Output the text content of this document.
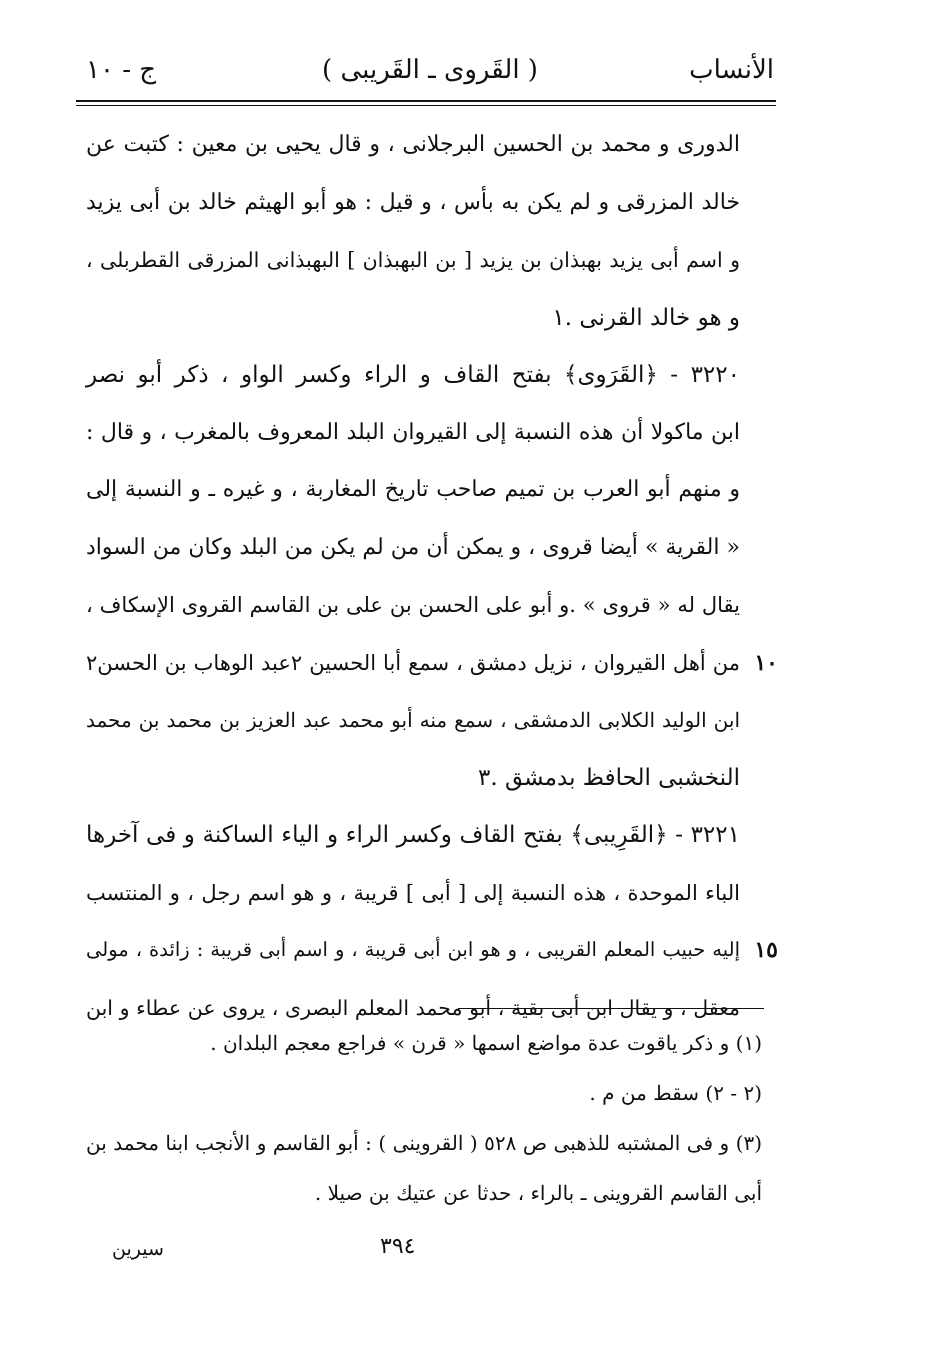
الأنساب
( القَروى ـ القَريبى )
ج - ١٠
الدورى و محمد بن الحسين البرجلانى ، و قال يحيى بن معين : كتبت عن
خالد المزرقى و لم يكن به بأس ، و قيل : هو أبو الهيثم خالد بن أبى يزيد
و اسم أبى يزيد بهبذان بن يزيد [ بن البهبذان ] البهبذانى المزرقى القطربلى ،
و هو خالد القرنى .١
٣٢٢٠ - ﴿القَرَوى﴾ بفتح القاف و الراء وكسر الواو ، ذكر أبو نصر
ابن ماكولا أن هذه النسبة إلى القيروان البلد المعروف بالمغرب ، و قال :
و منهم أبو العرب بن تميم صاحب تاريخ المغاربة ، و غيره ـ و النسبة إلى
« القرية » أيضا قروى ، و يمكن أن من لم يكن من البلد وكان من السواد
يقال له « قروى » .و أبو على الحسن بن على بن القاسم القروى الإسكاف ،
من أهل القيروان ، نزيل دمشق ، سمع أبا الحسين ٢عبد الوهاب بن الحسن٢ ١٠
ابن الوليد الكلابى الدمشقى ، سمع منه أبو محمد عبد العزيز بن محمد بن محمد
النخشبى الحافظ بدمشق .٣
٣٢٢١ - ﴿القَرِيبى﴾ بفتح القاف وكسر الراء و الياء الساكنة و فى آخرها
الباء الموحدة ، هذه النسبة إلى [ أبى ] قريبة ، و هو اسم رجل ، و المنتسب
إليه حبيب المعلم القريبى ، و هو ابن أبى قريبة ، و اسم أبى قريبة : زائدة ، مولى ١٥
معقل ، و يقال ابن أبى بقية ، أبو محمد المعلم البصرى ، يروى عن عطاء و ابن
(١) و ذكر ياقوت عدة مواضع اسمها « قرن » فراجع معجم البلدان .
(٢ - ٢) سقط من م .
(٣) و فى المشتبه للذهبى ص ٥٢٨ ( القروينى ) : أبو القاسم و الأنجب ابنا محمد بن
أبى القاسم القروينى ـ بالراء ، حدثا عن عتيك بن صيلا .
٣٩٤
سيرين
